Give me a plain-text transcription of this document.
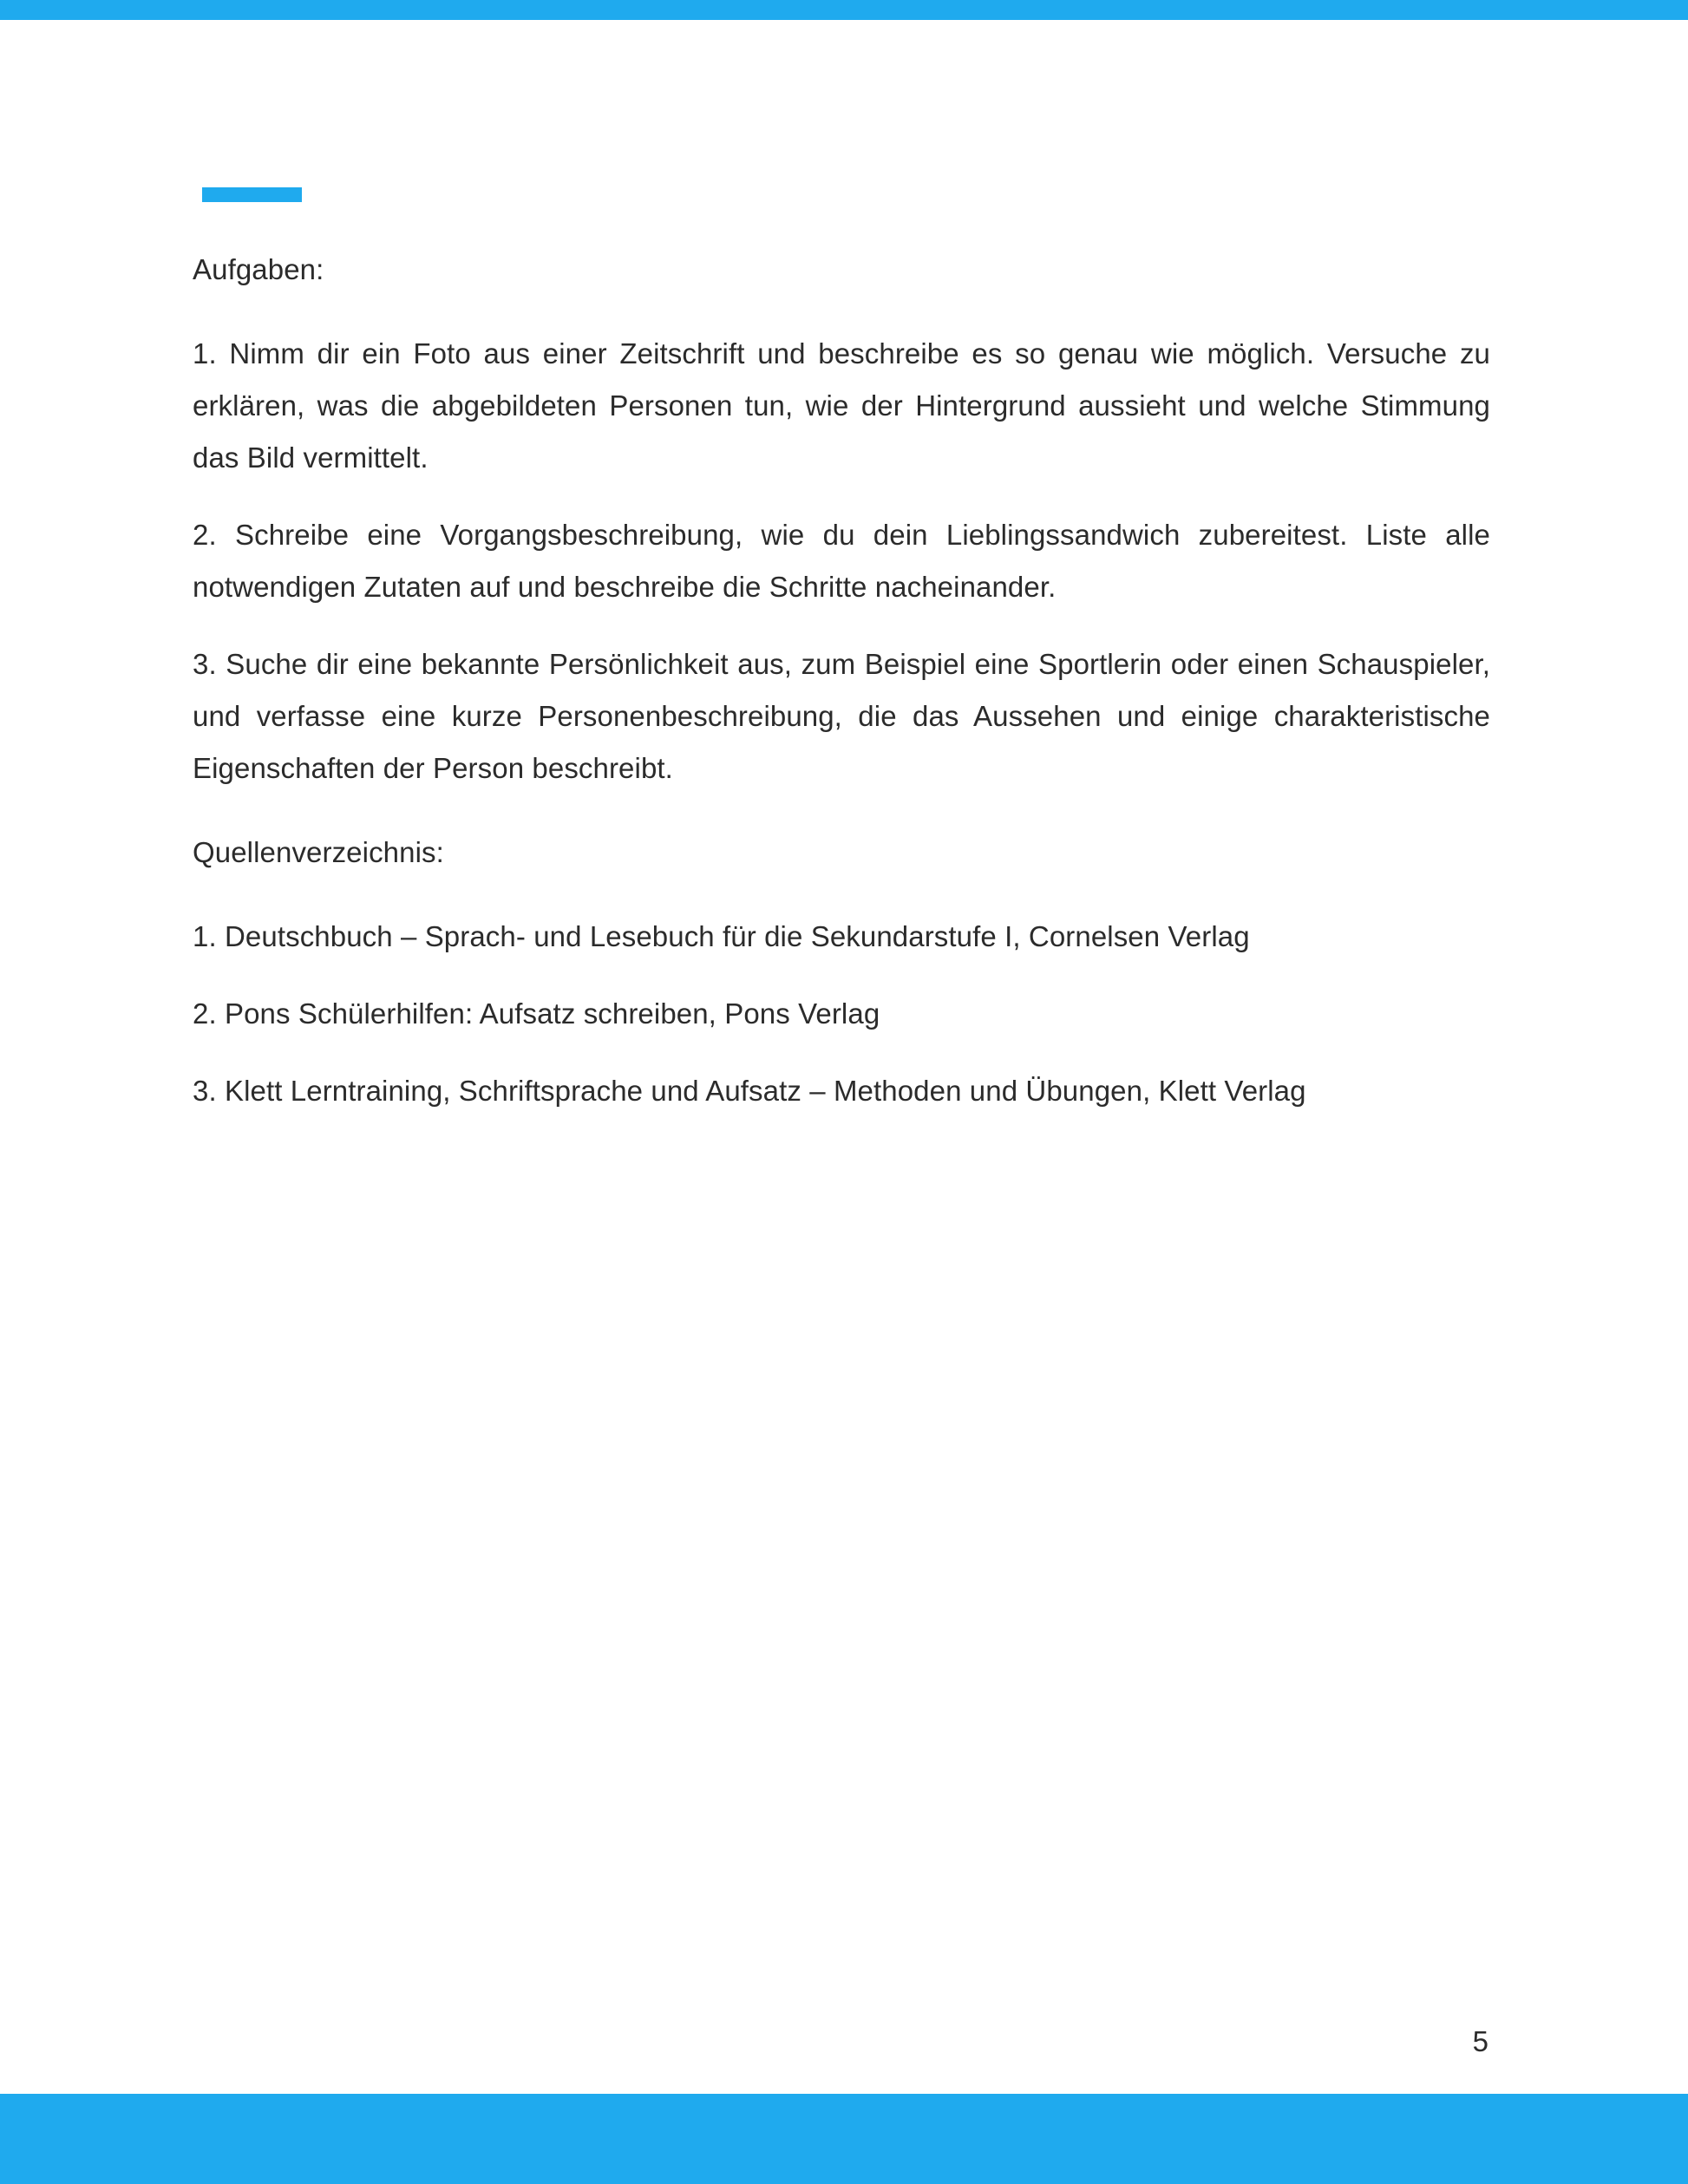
Aufgaben:

1. Nimm dir ein Foto aus einer Zeitschrift und beschreibe es so genau wie möglich. Versuche zu erklären, was die abgebildeten Personen tun, wie der Hintergrund aussieht und welche Stimmung das Bild vermittelt.

2. Schreibe eine Vorgangsbeschreibung, wie du dein Lieblingssandwich zubereitest. Liste alle notwendigen Zutaten auf und beschreibe die Schritte nacheinander.

3. Suche dir eine bekannte Persönlichkeit aus, zum Beispiel eine Sportlerin oder einen Schauspieler, und verfasse eine kurze Personenbeschreibung, die das Aussehen und einige charakteristische Eigenschaften der Person beschreibt.

Quellenverzeichnis:

1. Deutschbuch – Sprach- und Lesebuch für die Sekundarstufe I, Cornelsen Verlag

2. Pons Schülerhilfen: Aufsatz schreiben, Pons Verlag

3. Klett Lerntraining, Schriftsprache und Aufsatz – Methoden und Übungen, Klett Verlag

5
